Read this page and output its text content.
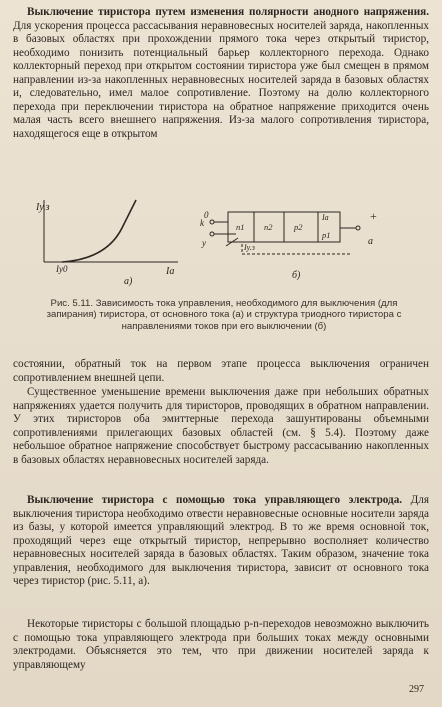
Выключение тиристора путем изменения полярности анодного напряжения. Для ускорения процесса рассасывания неравновесных носителей заряда, накопленных в базовых областях при прохождении прямого тока через открытый тиристор, необходимо понизить потенциальный барьер коллекторного перехода. Однако коллекторный переход при открытом состоянии тиристора уже был смещен в прямом направлении из-за накопленных неравновесных носителей заряда в базовых областях и, следовательно, имел малое сопротивление. Поэтому на долю коллекторного перехода при переключении тиристора на обратное напряжение приходится очень малая часть всего внешнего напряжения. Из-за малого сопротивления тиристора, находящегося еще в открытом

Iу.з
Iа
Iу0
а)
0
k
у
+
а
n1 n2	p2
p1
Iу.з
Iа
б)
Рис. 5.11. Зависимость тока управления, необходимого для выключения (для запирания) тиристора, от основного тока (а) и структура триодного тиристора с направлениями токов при его выключении (б)

состоянии, обратный ток на первом этапе процесса выключения ограничен сопротивлением внешней цепи.

Существенное уменьшение времени выключения даже при небольших обратных напряжениях удается получить для тиристоров, проводящих в обратном направлении. У этих тиристоров оба эмиттерные перехода зашунтированы объемными сопротивлениями прилегающих базовых областей (см. § 5.4). Поэтому даже небольшое обратное напряжение способствует быстрому рассасыванию накопленных в базовых областях неравновесных носителей заряда.

Выключение тиристора с помощью тока управляющего электрода. Для выключения тиристора необходимо отвести неравновесные основные носители заряда из базы, у которой имеется управляющий электрод. В то же время основной ток, проходящий через еще открытый тиристор, непрерывно восполняет количество неравновесных носителей заряда в базовых областях. Таким образом, значение тока управления, необходимого для выключения тиристора, зависит от основного тока через тиристор (рис. 5.11, а).

Некоторые тиристоры с большой площадью p-n-переходов невозможно выключить с помощью тока управляющего электрода при больших токах между основными электродами. Объясняется это тем, что при движении носителей заряда к управляющему

297
